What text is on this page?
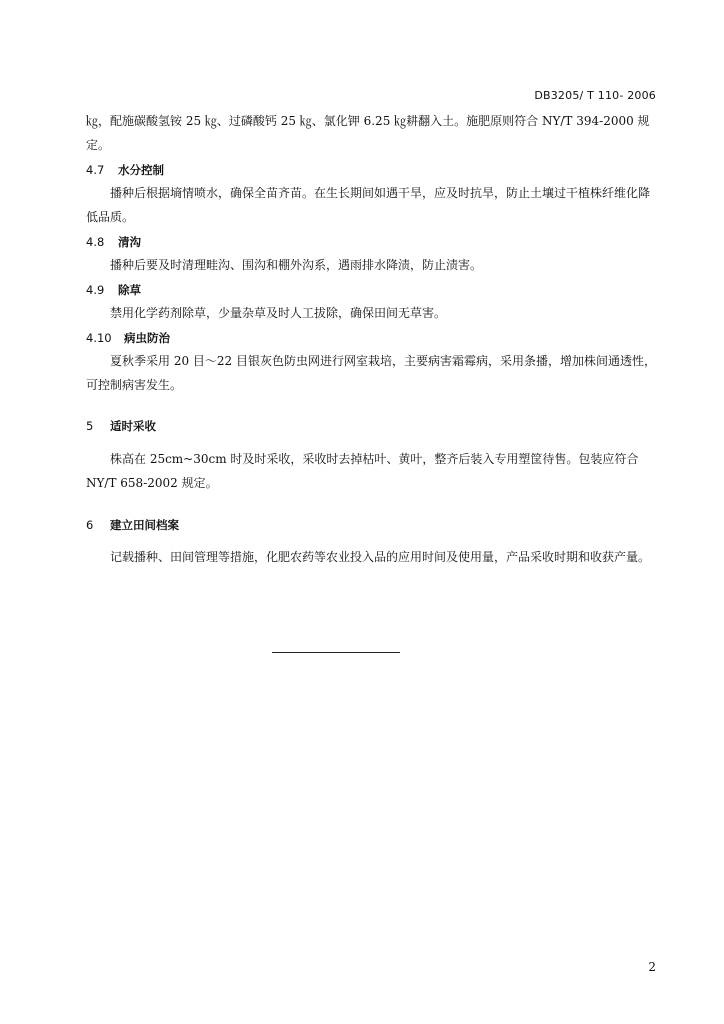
DB3205/ T 110- 2006

㎏，配施碳酸氢铵 25 ㎏、过磷酸钙 25 ㎏、氯化钾 6.25 ㎏耕翻入土。施肥原则符合 NY/T 394-2000 规定。

4.7 水分控制

播种后根据墒情喷水，确保全苗齐苗。在生长期间如遇干旱，应及时抗旱，防止土壤过干植株纤维化降低品质。

4.8 清沟

播种后要及时清理畦沟、围沟和棚外沟系，遇雨排水降渍，防止渍害。

4.9 除草

禁用化学药剂除草，少量杂草及时人工拔除，确保田间无草害。

4.10 病虫防治

夏秋季采用 20 目～22 目银灰色防虫网进行网室栽培，主要病害霜霉病，采用条播，增加株间通透性，可控制病害发生。

5 适时采收

株高在 25cm~30cm 时及时采收，采收时去掉枯叶、黄叶，整齐后装入专用塑筐待售。包装应符合 NY/T 658-2002 规定。

6 建立田间档案

记载播种、田间管理等措施，化肥农药等农业投入品的应用时间及使用量，产品采收时期和收获产量。

2
